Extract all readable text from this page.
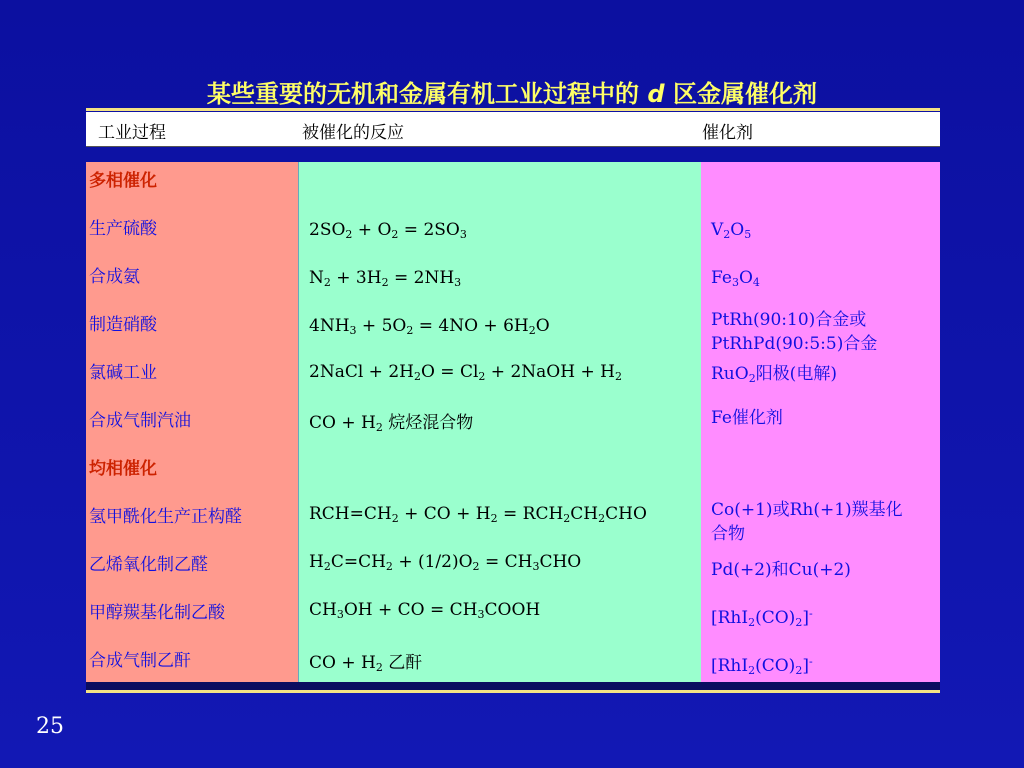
某些重要的无机和金属有机工业过程中的 d 区金属催化剂
工业过程	被催化的反应	催化剂
多相催化
生产硫酸
合成氨
制造硝酸
氯碱工业
合成气制汽油
均相催化
氢甲酰化生产正构醛
乙烯氧化制乙醛
甲醇羰基化制乙酸
合成气制乙酐
$2SO_2 + O_2 = 2SO_3$
$N_2 + 3H_2 = 2NH_3$
$4NH_3 + 5O_2 = 4NO + 6H_2O$
2NaCl + $2H_2O = Cl_2$ + 2NaOH + $H_2$
CO + $H_2$ 烷烃混合物
$RCH=CH_2$ + CO + $H_2 = RCH_2CH_2CHO$
$H_2C=CH_2 + (1/2)O_2 = CH_3CHO$
$CH_3OH$ + CO = $CH_3COOH$
CO + $H_2$ 乙酐
$V_2O_5$
$Fe_3O_4$
PtRh(90:10)合金或
PtRhPd(90:5:5)合金
RuO$_2$阳极(电解)
Fe催化剂
Co(+1)或Rh(+1)羰基化
合物
Pd(+2)和Cu(+2)
$[RhI_2(CO)_2]^-$
$[RhI_2(CO)_2]^-$
25
